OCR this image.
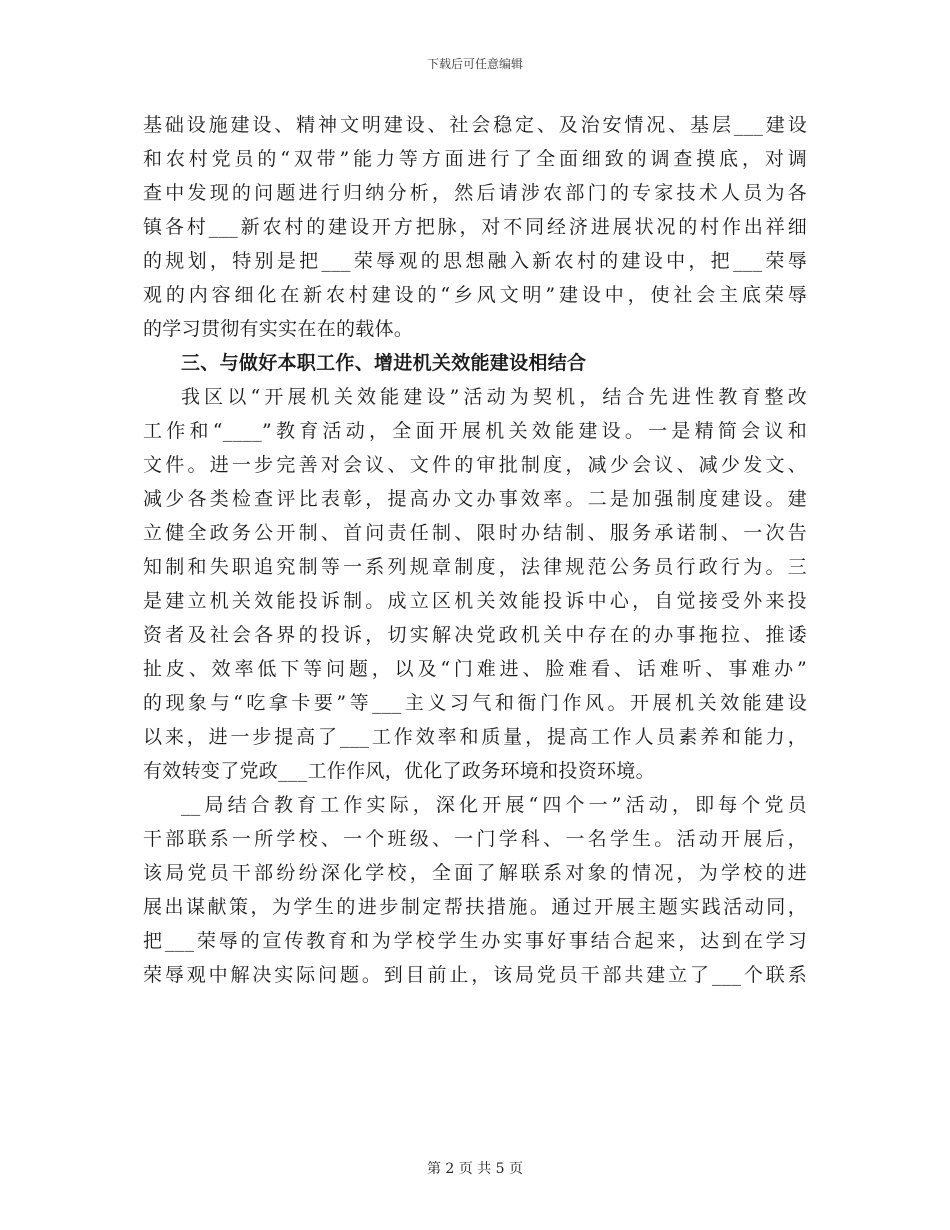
下载后可任意编辑
基础设施建设、精神文明建设、社会稳定、及治安情况、基层___建设
和农村党员的“双带”能力等方面进行了全面细致的调查摸底，对调
查中发现的问题进行归纳分析，然后请涉农部门的专家技术人员为各
镇各村___新农村的建设开方把脉，对不同经济进展状况的村作出祥细
的规划，特别是把___荣辱观的思想融入新农村的建设中，把___荣辱
观的内容细化在新农村建设的“乡风文明”建设中，使社会主底荣辱
的学习贯彻有实实在在的载体。
三、与做好本职工作、增进机关效能建设相结合
我区以“开展机关效能建设”活动为契机，结合先进性教育整改
工作和“____”教育活动，全面开展机关效能建设。一是精简会议和
文件。进一步完善对会议、文件的审批制度，减少会议、减少发文、
减少各类检查评比表彰，提高办文办事效率。二是加强制度建设。建
立健全政务公开制、首问责任制、限时办结制、服务承诺制、一次告
知制和失职追究制等一系列规章制度，法律规范公务员行政行为。三
是建立机关效能投诉制。成立区机关效能投诉中心，自觉接受外来投
资者及社会各界的投诉，切实解决党政机关中存在的办事拖拉、推诿
扯皮、效率低下等问题，以及“门难进、脸难看、话难听、事难办”
的现象与“吃拿卡要”等___主义习气和衙门作风。开展机关效能建设
以来，进一步提高了___工作效率和质量，提高工作人员素养和能力，
有效转变了党政___工作作风，优化了政务环境和投资环境。
__局结合教育工作实际，深化开展“四个一”活动，即每个党员
干部联系一所学校、一个班级、一门学科、一名学生。活动开展后，
该局党员干部纷纷深化学校，全面了解联系对象的情况，为学校的进
展出谋献策，为学生的进步制定帮扶措施。通过开展主题实践活动同，
把___荣辱的宣传教育和为学校学生办实事好事结合起来，达到在学习
荣辱观中解决实际问题。到目前止，该局党员干部共建立了___个联系
第 2 页 共 5 页
